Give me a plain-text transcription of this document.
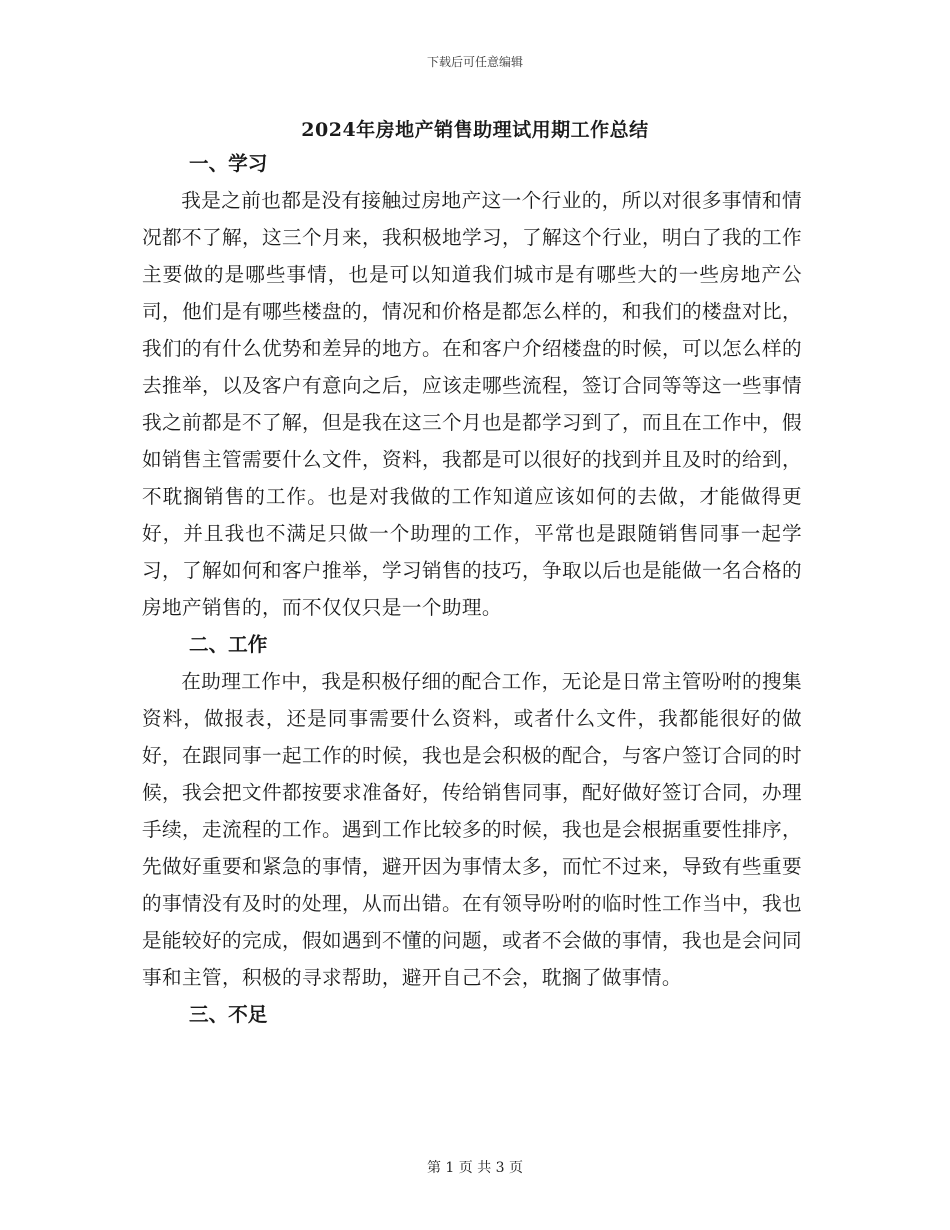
下载后可任意编辑
2024年房地产销售助理试用期工作总结

一、学习

我是之前也都是没有接触过房地产这一个行业的，所以对很多事情和情况都不了解，这三个月来，我积极地学习，了解这个行业，明白了我的工作主要做的是哪些事情，也是可以知道我们城市是有哪些大的一些房地产公司，他们是有哪些楼盘的，情况和价格是都怎么样的，和我们的楼盘对比，我们的有什么优势和差异的地方。在和客户介绍楼盘的时候，可以怎么样的去推举，以及客户有意向之后，应该走哪些流程，签订合同等等这一些事情我之前都是不了解，但是我在这三个月也是都学习到了，而且在工作中，假如销售主管需要什么文件，资料，我都是可以很好的找到并且及时的给到，不耽搁销售的工作。也是对我做的工作知道应该如何的去做，才能做得更好，并且我也不满足只做一个助理的工作，平常也是跟随销售同事一起学习，了解如何和客户推举，学习销售的技巧，争取以后也是能做一名合格的房地产销售的，而不仅仅只是一个助理。

二、工作

在助理工作中，我是积极仔细的配合工作，无论是日常主管吩咐的搜集资料，做报表，还是同事需要什么资料，或者什么文件，我都能很好的做好，在跟同事一起工作的时候，我也是会积极的配合，与客户签订合同的时候，我会把文件都按要求准备好，传给销售同事，配好做好签订合同，办理手续，走流程的工作。遇到工作比较多的时候，我也是会根据重要性排序，先做好重要和紧急的事情，避开因为事情太多，而忙不过来，导致有些重要的事情没有及时的处理，从而出错。在有领导吩咐的临时性工作当中，我也是能较好的完成，假如遇到不懂的问题，或者不会做的事情，我也是会问同事和主管，积极的寻求帮助，避开自己不会，耽搁了做事情。

三、不足

第 1 页 共 3 页
